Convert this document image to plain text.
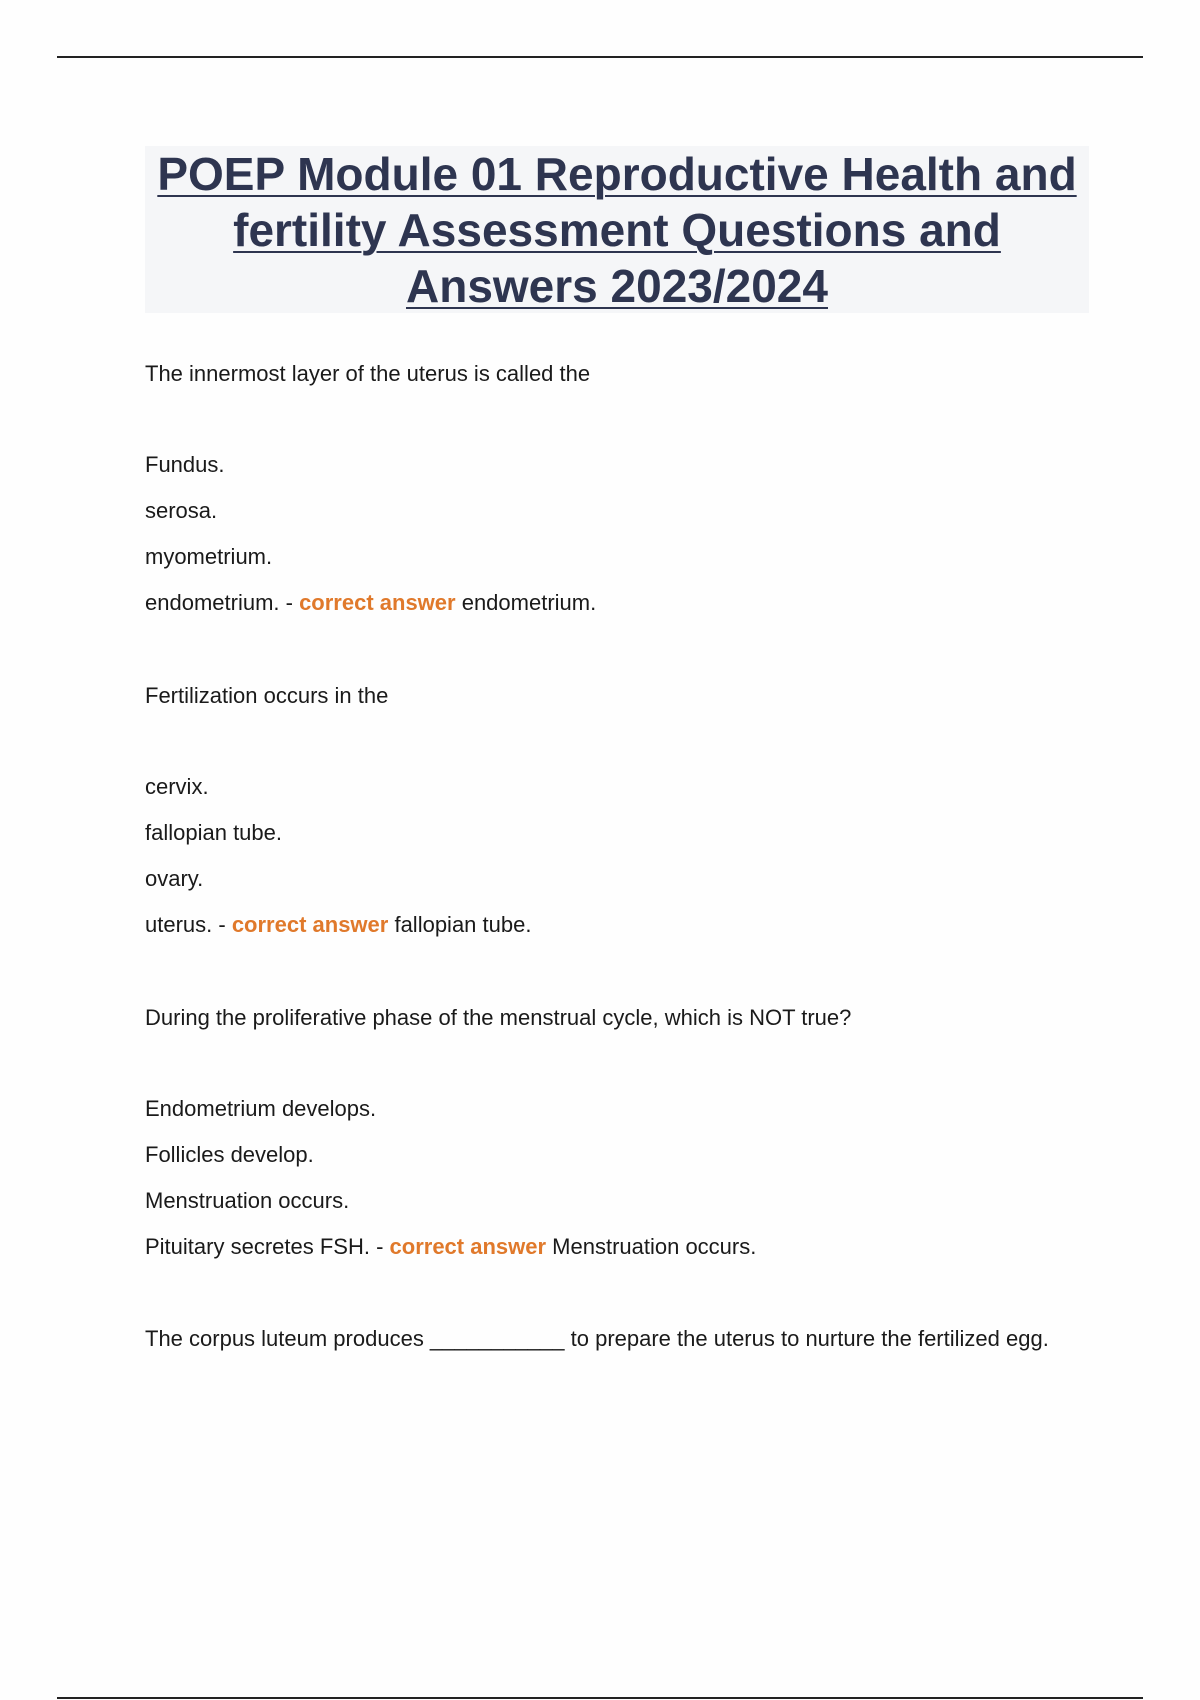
POEP Module 01 Reproductive Health and fertility Assessment Questions and Answers 2023/2024

The innermost layer of the uterus is called the

Fundus.

serosa.

myometrium.

endometrium. - correct answer endometrium.

Fertilization occurs in the

cervix.

fallopian tube.

ovary.

uterus. - correct answer fallopian tube.

During the proliferative phase of the menstrual cycle, which is NOT true?

Endometrium develops.

Follicles develop.

Menstruation occurs.

Pituitary secretes FSH. - correct answer Menstruation occurs.

The corpus luteum produces ___________ to prepare the uterus to nurture the fertilized egg.
